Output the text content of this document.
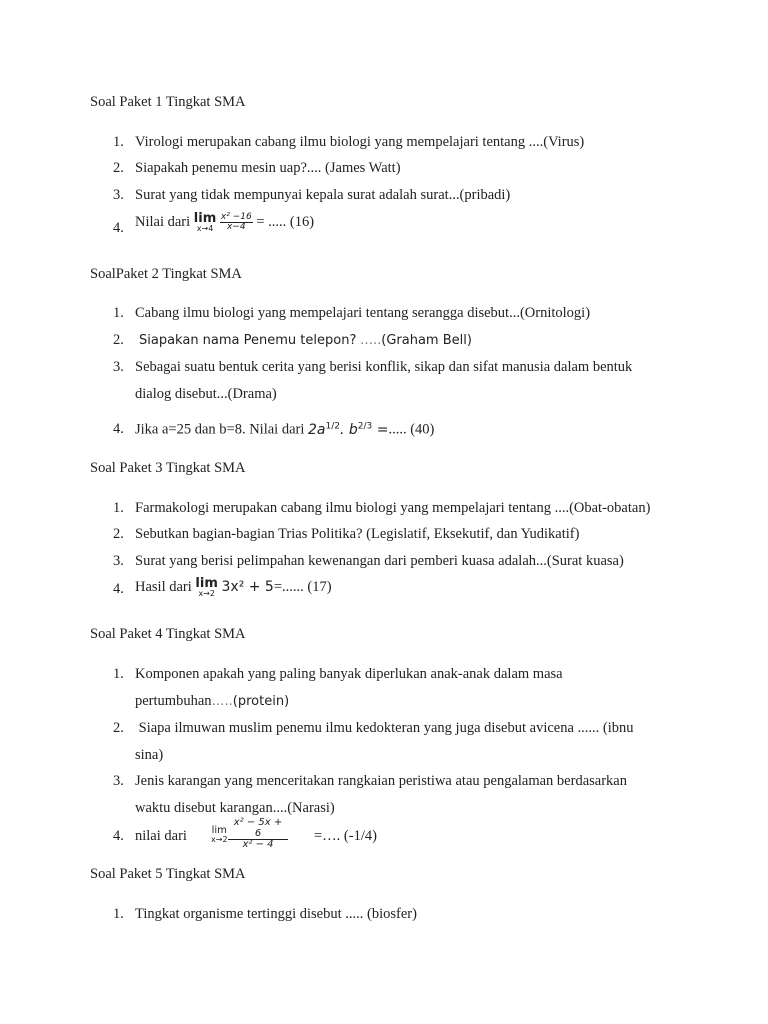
Soal Paket 1 Tingkat SMA
1. Virologi merupakan cabang ilmu biologi yang mempelajari tentang ....(Virus)
2. Siapakah penemu mesin uap?.... (James Watt)
3. Surat yang tidak mempunyai kepala surat adalah surat...(pribadi)
4. Nilai dari lim
x→4
$\frac{\text{x² −16}}{x-4}$ = ..... (16)
SoalPaket 2 Tingkat SMA
1. Cabang ilmu biologi yang mempelajari tentang serangga disebut...(Ornitologi)
2. Siapakan nama Penemu telepon? …..(Graham Bell)
3. Sebagai suatu bentuk cerita yang berisi konflik, sikap dan sifat manusia dalam bentuk
dialog disebut...(Drama)
4. Jika a=25 dan b=8. Nilai dari $2a^{1/2}$. $b^{2/3}$ =..... (40)
Soal Paket 3 Tingkat SMA
1. Farmakologi merupakan cabang ilmu biologi yang mempelajari tentang ....(Obat-obatan)
2. Sebutkan bagian-bagian Trias Politika? (Legislatif, Eksekutif, dan Yudikatif)
3. Surat yang berisi pelimpahan kewenangan dari pemberi kuasa adalah...(Surat kuasa)
4. Hasil dari lim
x→2 3x² + 5=...... (17)
Soal Paket 4 Tingkat SMA
1. Komponen apakah yang paling banyak diperlukan anak-anak dalam masa
pertumbuhan…..(protein)
2. Siapa ilmuwan muslim penemu ilmu kedokteran yang juga disebut avicena ...... (ibnu
sina)
3. Jenis karangan yang menceritakan rangkaian peristiwa atau pengalaman berdasarkan
waktu disebut karangan....(Narasi)
4. nilai dari lim
$x\to 2 \frac{\text{x² − 5x + 6}}{\text{x² − 4}}$ =…. (-1/4)
Soal Paket 5 Tingkat SMA
1. Tingkat organisme tertinggi disebut ..... (biosfer)
